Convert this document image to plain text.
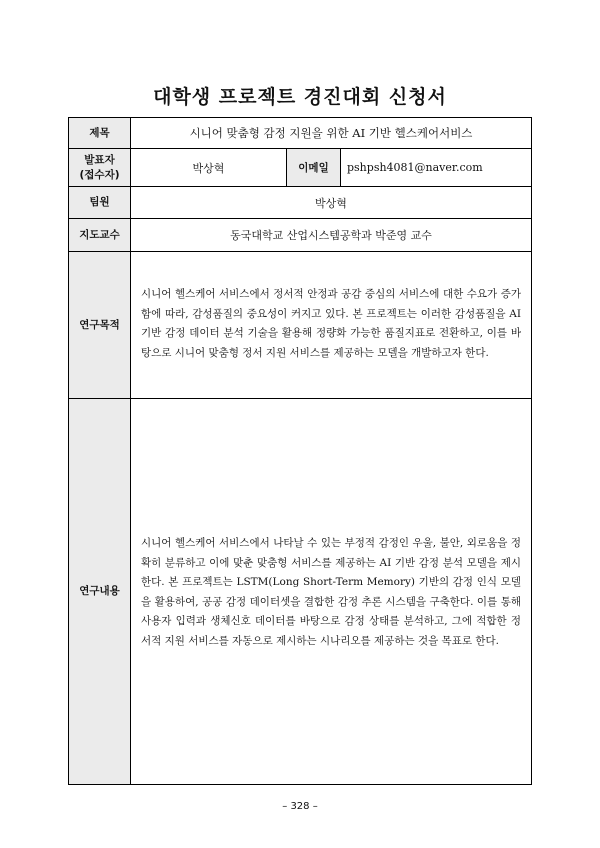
대학생 프로젝트 경진대회 신청서
제목	시니어 맞춤형 감정 지원을 위한 AI 기반 헬스케어서비스
발표자
(접수자)	박상혁	이메일	pshpsh4081@naver.com
팀원	박상혁
지도교수	동국대학교 산업시스템공학과 박준영 교수
연구목적
시니어 헬스케어 서비스에서 정서적 안정과 공감 중심의 서비스에 대한 수요가 증가함에 따라, 감성품질의 중요성이 커지고 있다. 본 프로젝트는 이러한 감성품질을 AI 기반 감정 데이터 분석 기술을 활용해 정량화 가능한 품질지표로 전환하고, 이를 바탕으로 시니어 맞춤형 정서 지원 서비스를 제공하는 모델을 개발하고자 한다.
연구내용
시니어 헬스케어 서비스에서 나타날 수 있는 부정적 감정인 우울, 불안, 외로움을 정확히 분류하고 이에 맞춘 맞춤형 서비스를 제공하는 AI 기반 감정 분석 모델을 제시한다. 본 프로젝트는 LSTM(Long Short-Term Memory) 기반의 감정 인식 모델을 활용하여, 공공 감정 데이터셋을 결합한 감정 추론 시스템을 구축한다. 이를 통해 사용자 입력과 생체신호 데이터를 바탕으로 감정 상태를 분석하고, 그에 적합한 정서적 지원 서비스를 자동으로 제시하는 시나리오를 제공하는 것을 목표로 한다.
– 328 –
